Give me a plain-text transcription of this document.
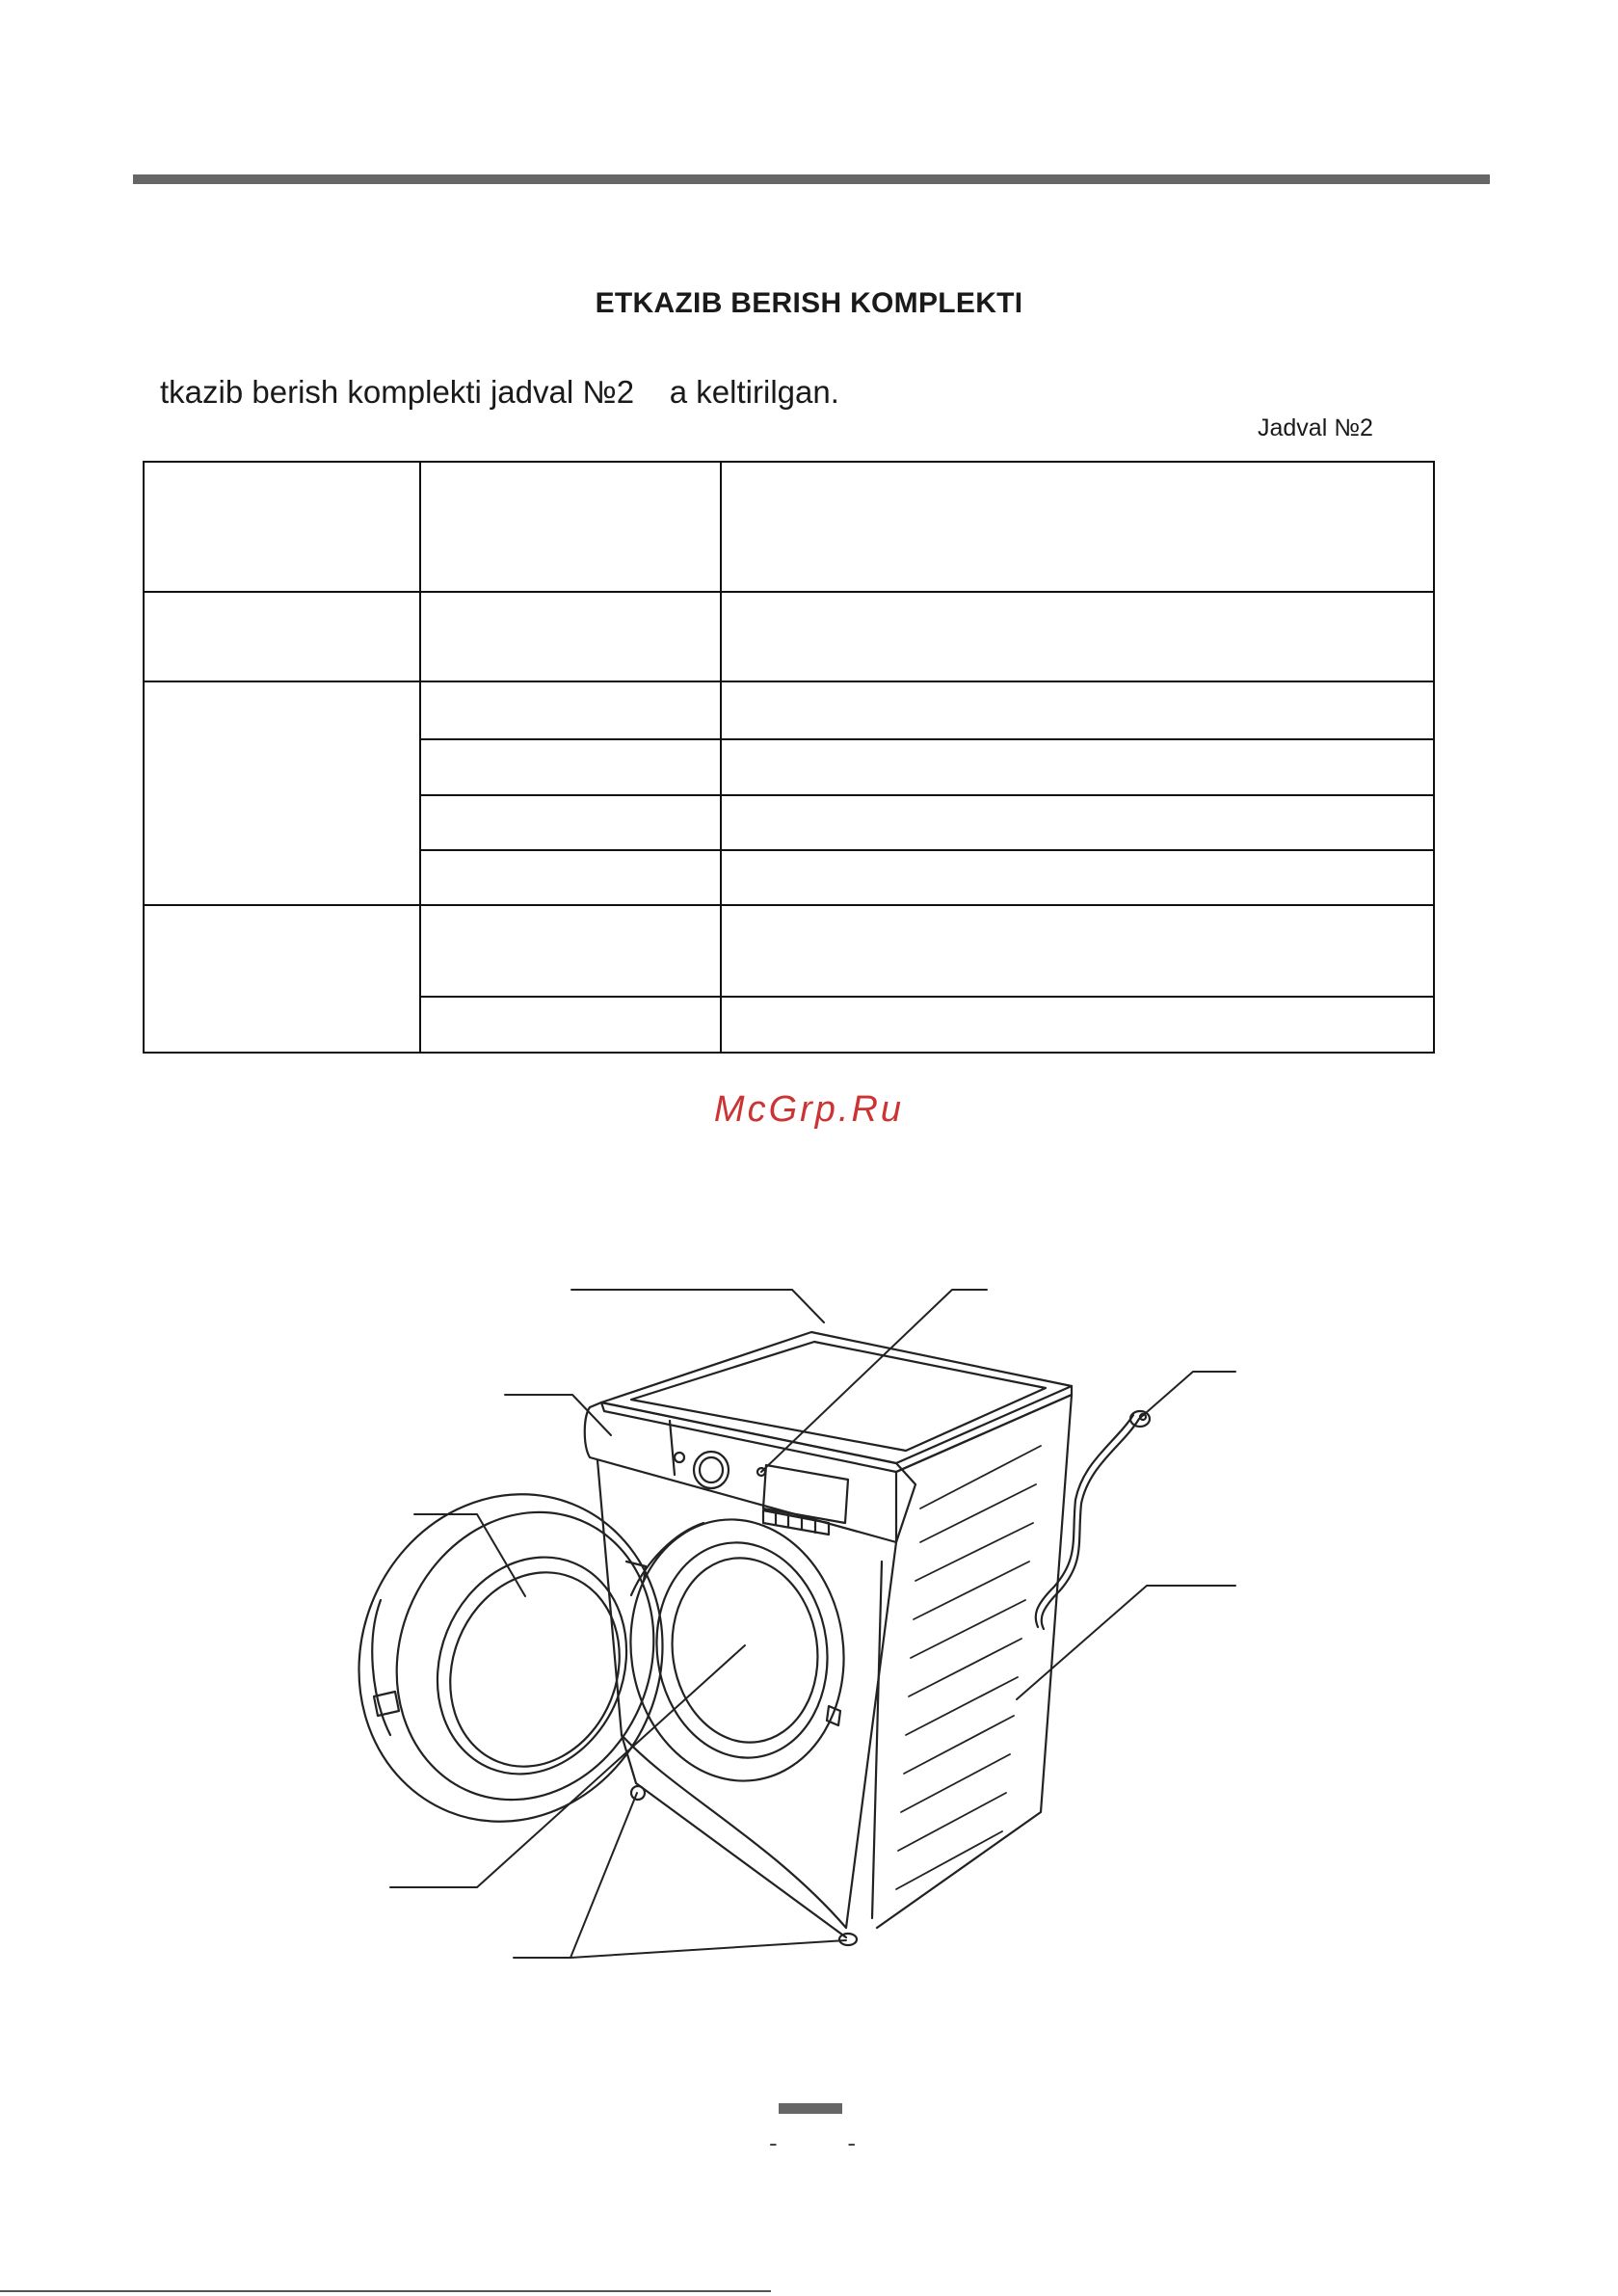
ETKAZIB BERISH KOMPLEKTI
tkazib berish komplekti jadval №2    a keltirilgan.
Jadval №2

McGrp.Ru
-	-
